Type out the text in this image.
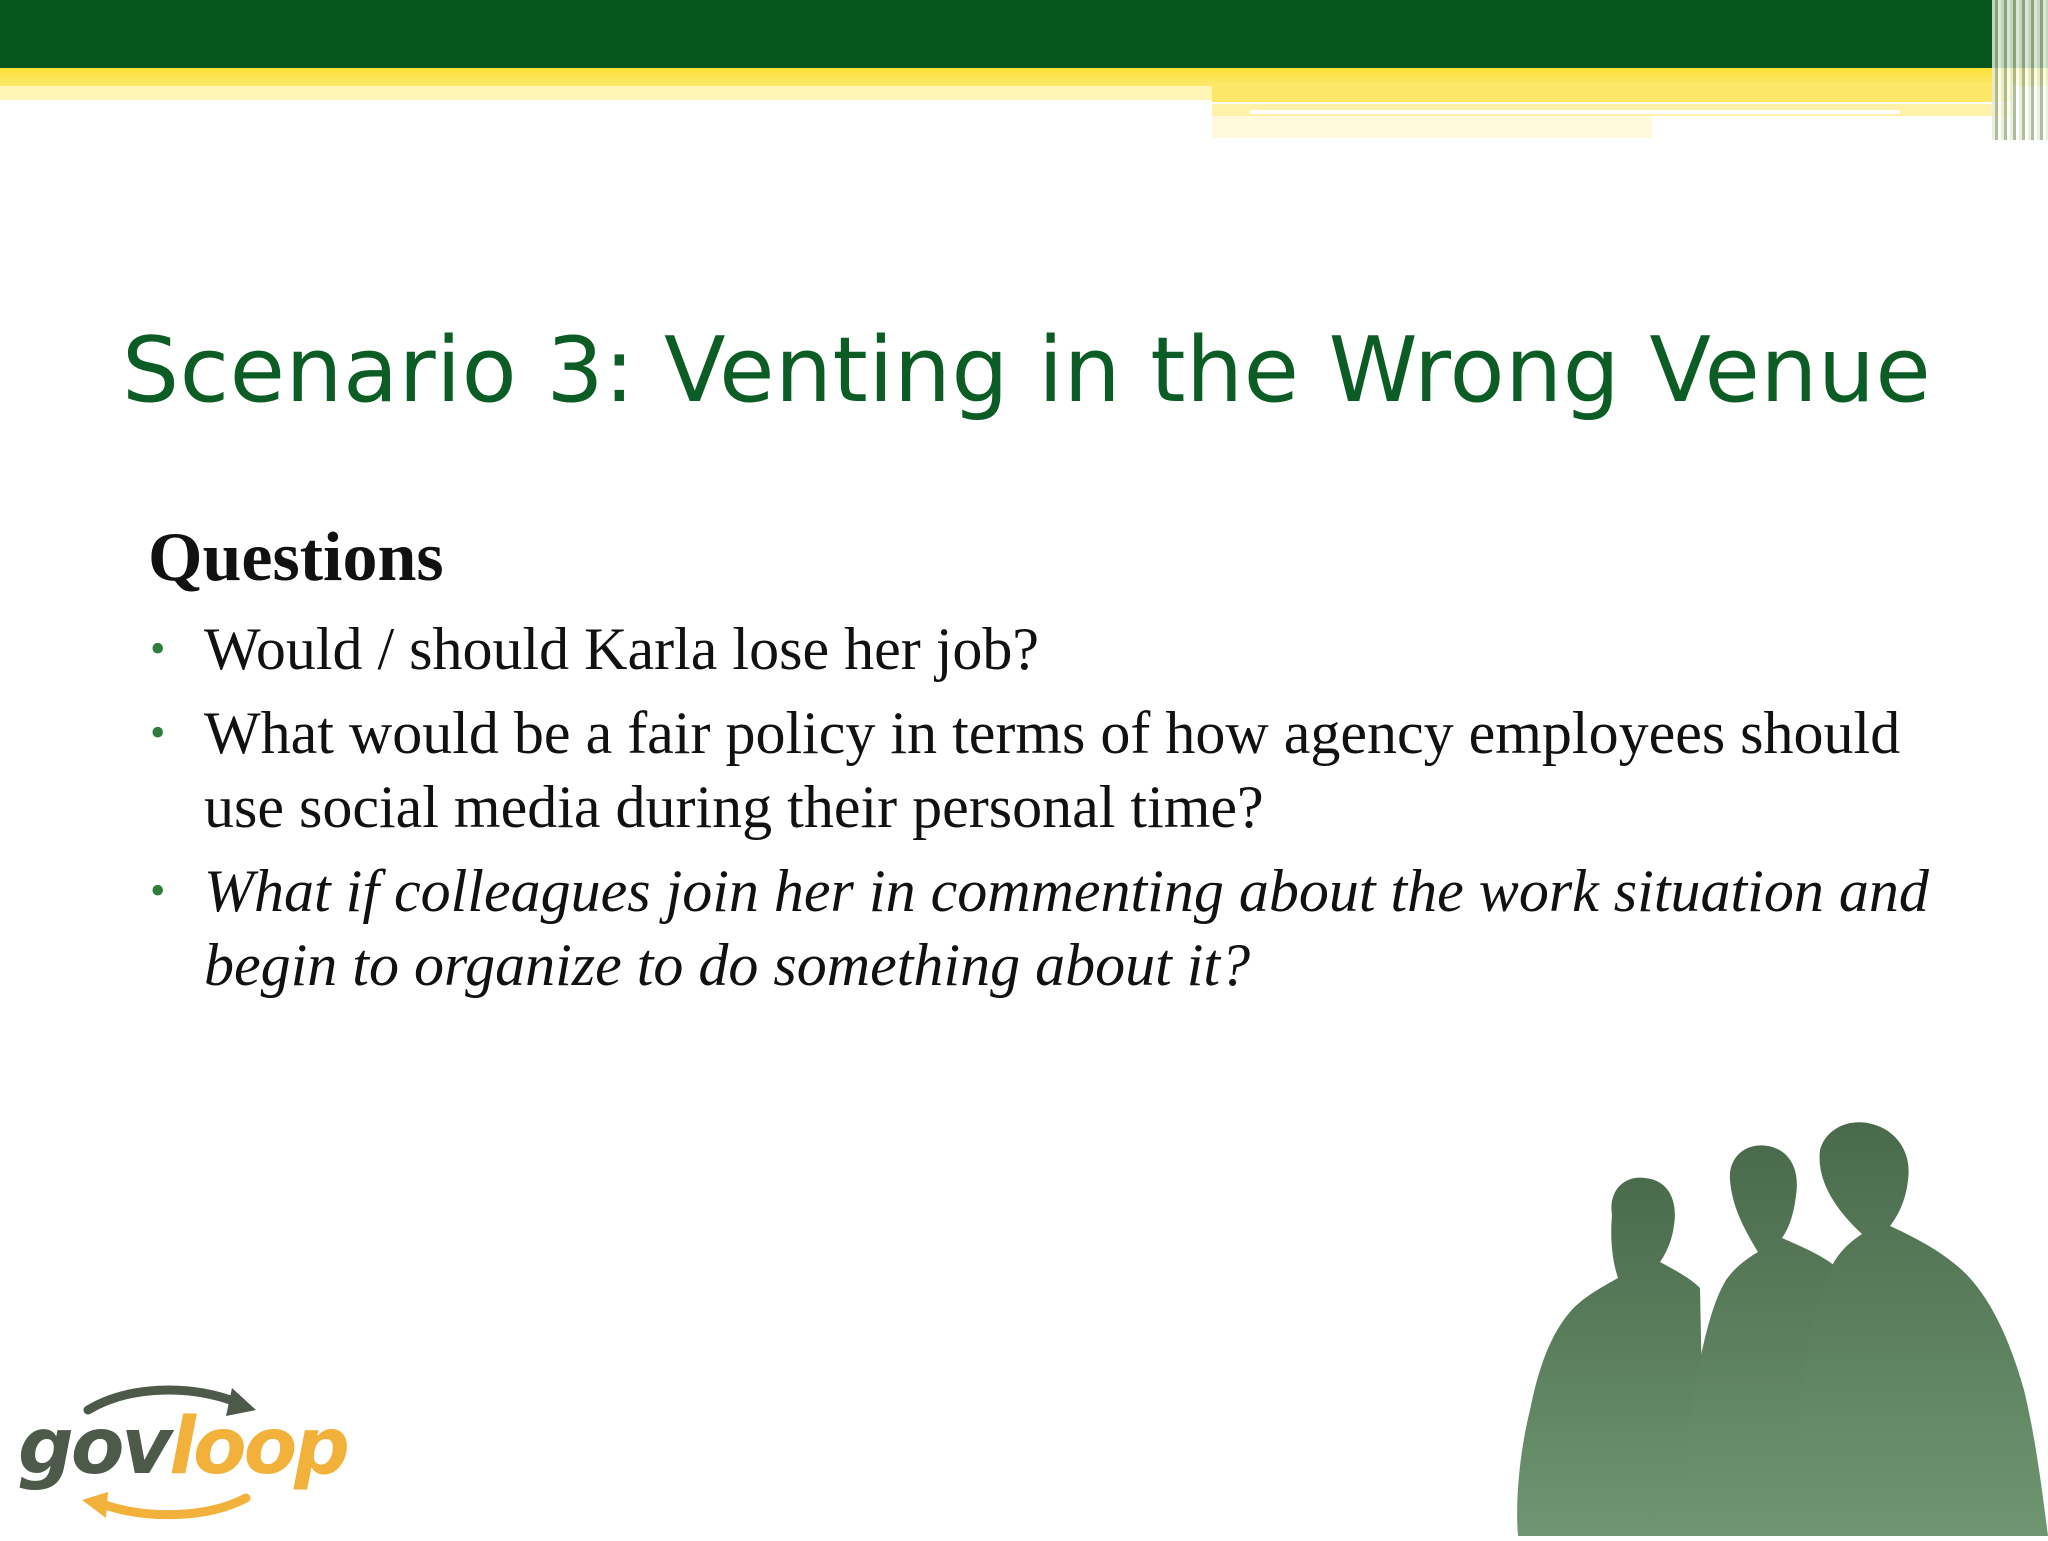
Scenario 3: Venting in the Wrong Venue
Questions
• Would / should Karla lose her job?
• What would be a fair policy in terms of how agency employees should use social media during their personal time?
• What if colleagues join her in commenting about the work situation and begin to organize to do something about it?
govloop
